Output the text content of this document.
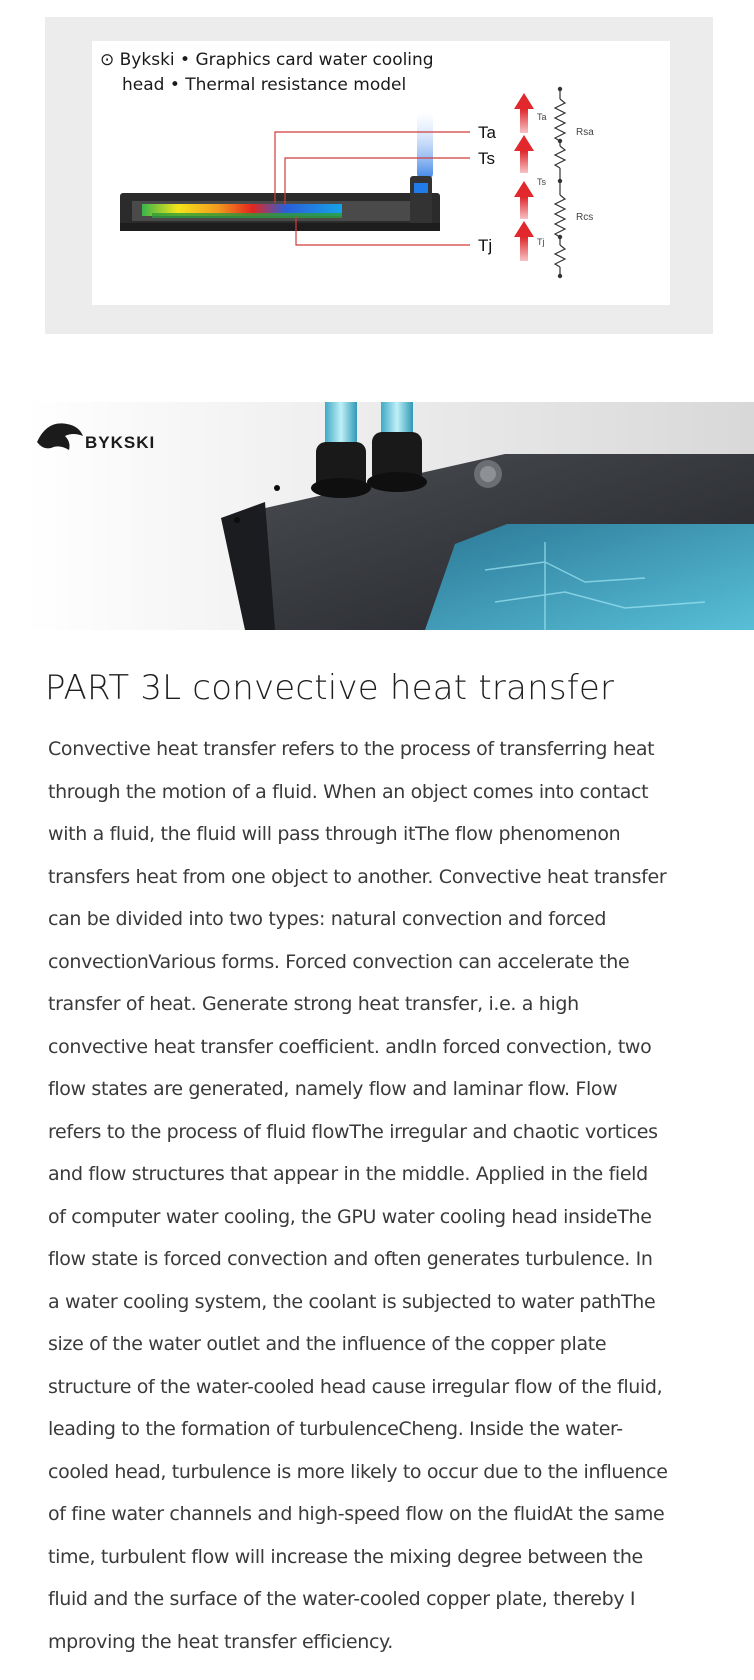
⊙ Bykski • Graphics card water cooling
head • Thermal resistance model
Ta
Ts
Tj
Ta
Ts
Tj
Rsa
Rcs
BYKSKI
PART 3L convective heat transfer
Convective heat transfer refers to the process of transferring heat
through the motion of a fluid. When an object comes into contact
with a fluid, the fluid will pass through itThe flow phenomenon
transfers heat from one object to another. Convective heat transfer
can be divided into two types: natural convection and forced
convectionVarious forms. Forced convection can accelerate the
transfer of heat. Generate strong heat transfer, i.e. a high
convective heat transfer coefficient. andIn forced convection, two
flow states are generated, namely flow and laminar flow. Flow
refers to the process of fluid flowThe irregular and chaotic vortices
and flow structures that appear in the middle. Applied in the field
of computer water cooling, the GPU water cooling head insideThe
flow state is forced convection and often generates turbulence. In
a water cooling system, the coolant is subjected to water pathThe
size of the water outlet and the influence of the copper plate
structure of the water-cooled head cause irregular flow of the fluid,
leading to the formation of turbulenceCheng. Inside the water-
cooled head, turbulence is more likely to occur due to the influence
of fine water channels and high-speed flow on the fluidAt the same
time, turbulent flow will increase the mixing degree between the
fluid and the surface of the water-cooled copper plate, thereby I
mproving the heat transfer efficiency.
